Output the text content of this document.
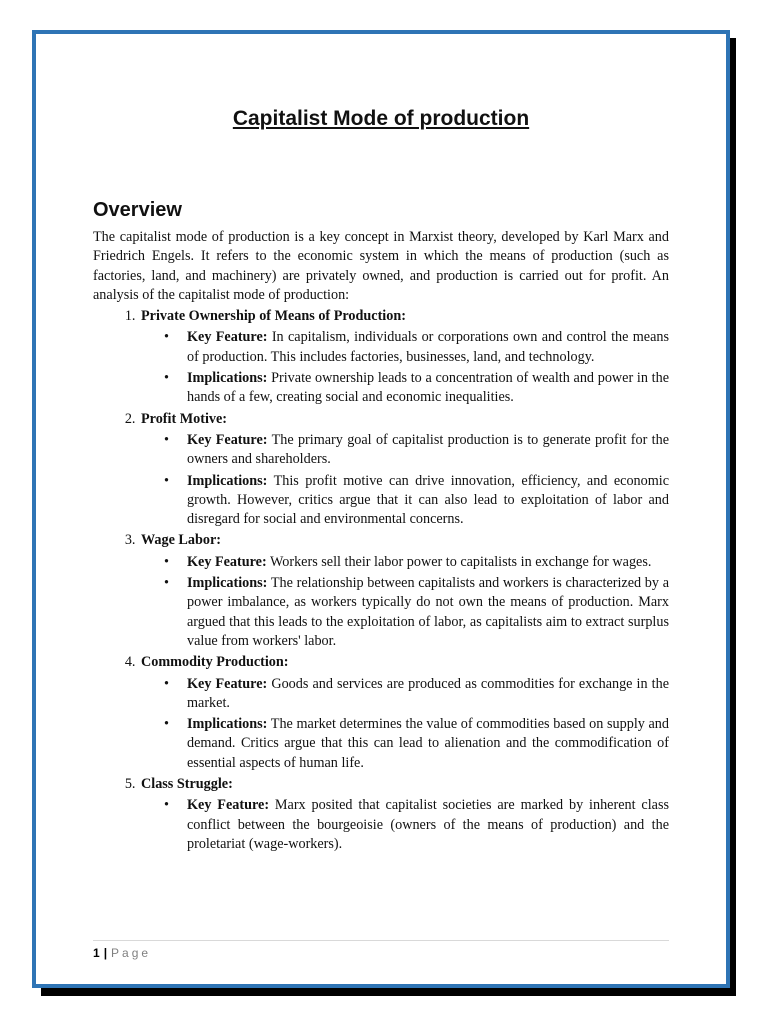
Capitalist Mode of production
Overview

The capitalist mode of production is a key concept in Marxist theory, developed by Karl Marx and Friedrich Engels. It refers to the economic system in which the means of production (such as factories, land, and machinery) are privately owned, and production is carried out for profit. An analysis of the capitalist mode of production:

1. Private Ownership of Means of Production:
• Key Feature: In capitalism, individuals or corporations own and control the means of production. This includes factories, businesses, land, and technology.
• Implications: Private ownership leads to a concentration of wealth and power in the hands of a few, creating social and economic inequalities.
2. Profit Motive:
• Key Feature: The primary goal of capitalist production is to generate profit for the owners and shareholders.
• Implications: This profit motive can drive innovation, efficiency, and economic growth. However, critics argue that it can also lead to exploitation of labor and disregard for social and environmental concerns.
3. Wage Labor:
• Key Feature: Workers sell their labor power to capitalists in exchange for wages.
• Implications: The relationship between capitalists and workers is characterized by a power imbalance, as workers typically do not own the means of production. Marx argued that this leads to the exploitation of labor, as capitalists aim to extract surplus value from workers' labor.
4. Commodity Production:
• Key Feature: Goods and services are produced as commodities for exchange in the market.
• Implications: The market determines the value of commodities based on supply and demand. Critics argue that this can lead to alienation and the commodification of essential aspects of human life.
5. Class Struggle:
• Key Feature: Marx posited that capitalist societies are marked by inherent class conflict between the bourgeoisie (owners of the means of production) and the proletariat (wage-workers).
1 | Page
